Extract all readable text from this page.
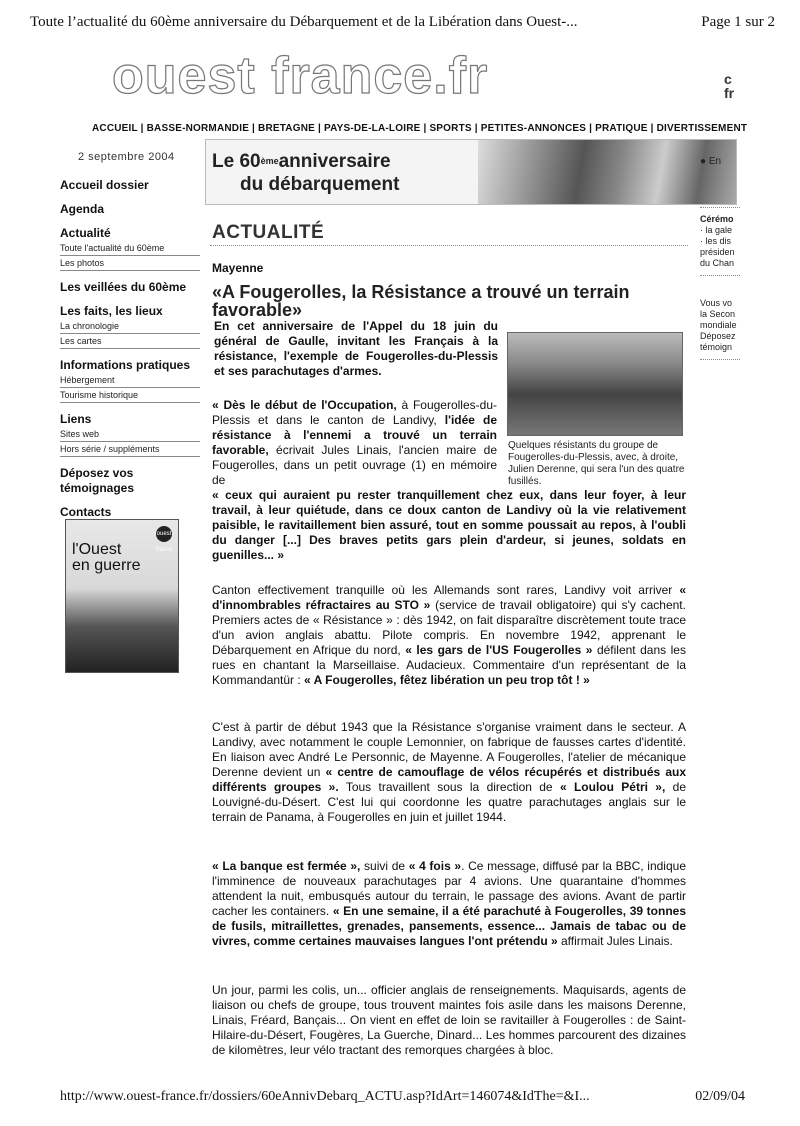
Toute l’actualité du 60ème anniversaire du Débarquement et de la Libération dans Ouest-...	Page 1 sur 2
ouest france.fr	c fr
ACCUEIL | BASSE-NORMANDIE | BRETAGNE | PAYS-DE-LA-LOIRE | SPORTS | PETITES-ANNONCES | PRATIQUE | DIVERTISSEMENT
2 septembre 2004
Accueil dossier
Agenda
Actualité
Toute l'actualité du 60ème
Les photos
Les veillées du 60ème
Les faits, les lieux
La chronologie
Les cartes
Informations pratiques
Hébergement
Tourisme historique
Liens
Sites web
Hors série / suppléments
Déposez vos témoignages
Contacts
ouest france
l'Ouest
en guerre
Le 60èmeanniversaire
du débarquement
● En
Cérémo
· la gale
· les dis
présiden
du Chan
Vous vo
la Secon
mondiale
Déposez
témoign
ACTUALITÉ
Mayenne
«A Fougerolles, la Résistance a trouvé un terrain favorable»
En cet anniversaire de l'Appel du 18 juin du général de Gaulle, invitant les Français à la résistance, l'exemple de Fougerolles-du-Plessis et ses parachutages d'armes.
Quelques résistants du groupe de Fougerolles-du-Plessis, avec, à droite, Julien Derenne, qui sera l'un des quatre fusillés.
« Dès le début de l'Occupation, à Fougerolles-du-Plessis et dans le canton de Landivy, l'idée de résistance à l'ennemi a trouvé un terrain favorable, écrivait Jules Linais, l'ancien maire de Fougerolles, dans un petit ouvrage (1) en mémoire de
« ceux qui auraient pu rester tranquillement chez eux, dans leur foyer, à leur travail, à leur quiétude, dans ce doux canton de Landivy où la vie relativement paisible, le ravitaillement bien assuré, tout en somme poussait au repos, à l'oubli du danger [...] Des braves petits gars plein d'ardeur, si jeunes, soldats en guenilles... »
Canton effectivement tranquille où les Allemands sont rares, Landivy voit arriver « d'innombrables réfractaires au STO » (service de travail obligatoire) qui s'y cachent. Premiers actes de « Résistance » : dès 1942, on fait disparaître discrètement toute trace d'un avion anglais abattu. Pilote compris. En novembre 1942, apprenant le Débarquement en Afrique du nord, « les gars de l'US Fougerolles » défilent dans les rues en chantant la Marseillaise. Audacieux. Commentaire d'un représentant de la Kommandantür : « A Fougerolles, fêtez libération un peu trop tôt ! »
C'est à partir de début 1943 que la Résistance s'organise vraiment dans le secteur. A Landivy, avec notamment le couple Lemonnier, on fabrique de fausses cartes d'identité. En liaison avec André Le Personnic, de Mayenne. A Fougerolles, l'atelier de mécanique Derenne devient un « centre de camouflage de vélos récupérés et distribués aux différents groupes ». Tous travaillent sous la direction de « Loulou Pétri », de Louvigné-du-Désert. C'est lui qui coordonne les quatre parachutages anglais sur le terrain de Panama, à Fougerolles en juin et juillet 1944.
« La banque est fermée », suivi de « 4 fois ». Ce message, diffusé par la BBC, indique l'imminence de nouveaux parachutages par 4 avions. Une quarantaine d'hommes attendent la nuit, embusqués autour du terrain, le passage des avions. Avant de partir cacher les containers. « En une semaine, il a été parachuté à Fougerolles, 39 tonnes de fusils, mitraillettes, grenades, pansements, essence... Jamais de tabac ou de vivres, comme certaines mauvaises langues l'ont prétendu » affirmait Jules Linais.
Un jour, parmi les colis, un... officier anglais de renseignements. Maquisards, agents de liaison ou chefs de groupe, tous trouvent maintes fois asile dans les maisons Derenne, Linais, Fréard, Bançais... On vient en effet de loin se ravitailler à Fougerolles : de Saint-Hilaire-du-Désert, Fougères, La Guerche, Dinard... Les hommes parcourent des dizaines de kilomètres, leur vélo tractant des remorques chargées à bloc.
http://www.ouest-france.fr/dossiers/60eAnnivDebarq_ACTU.asp?IdArt=146074&IdThe=&I...	02/09/04
